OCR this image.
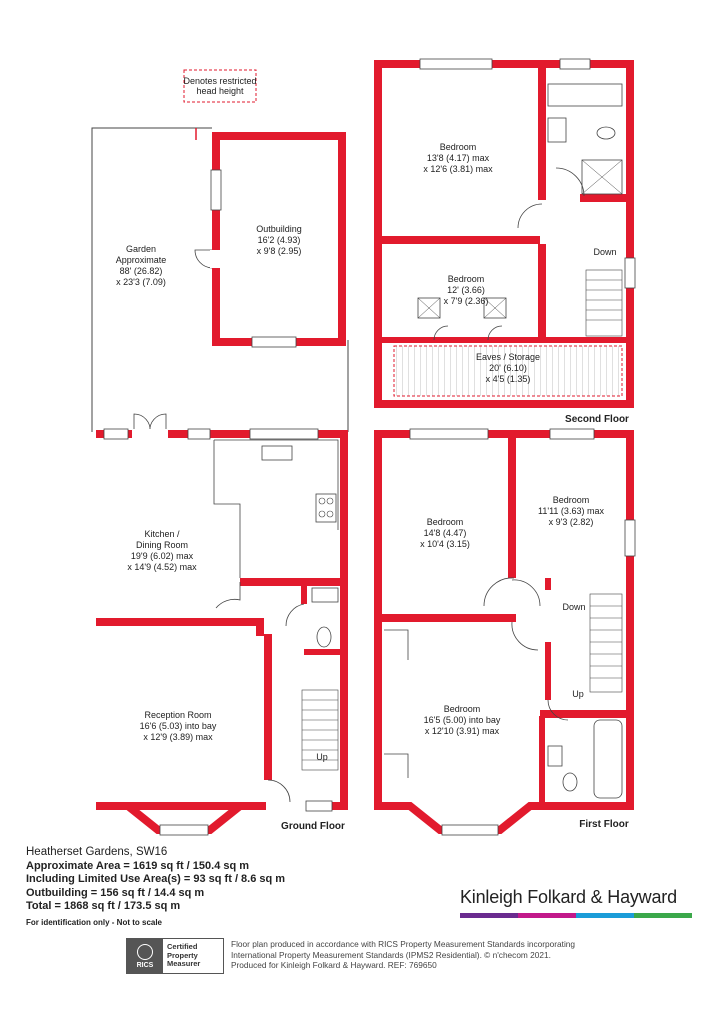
Denotes restricted
head height
Garden
Approximate
88' (26.82)
x 23'3 (7.09)
Outbuilding
16'2 (4.93)
x 9'8 (2.95)
Kitchen /
Dining Room
19'9 (6.02) max
x 14'9 (4.52) max
Reception Room
16'6 (5.03) into bay
x 12'9 (3.89) max
Bedroom
13'8 (4.17) max
x 12'6 (3.81) max
Bedroom
12' (3.66)
x 7'9 (2.36)
Eaves / Storage
20' (6.10)
x 4'5 (1.35)
Bedroom
14'8 (4.47)
x 10'4 (3.15)
Bedroom
11'11 (3.63) max
x 9'3 (2.82)
Bedroom
16'5 (5.00) into bay
x 12'10 (3.91) max
Up
Down
Up
Down
Ground Floor	First Floor
Second Floor
Heatherset Gardens, SW16
Approximate Area = 1619 sq ft / 150.4 sq m
Including Limited Use Area(s) = 93 sq ft / 8.6 sq m
Outbuilding = 156 sq ft / 14.4 sq m
Total = 1868 sq ft / 173.5 sq m
For identification only - Not to scale
Kinleigh Folkard & Hayward
RICS
Certified
Property
Measurer
Floor plan produced in accordance with RICS Property Measurement Standards incorporating
International Property Measurement Standards (IPMS2 Residential). © n'checom 2021.
Produced for Kinleigh Folkard & Hayward. REF: 769650
